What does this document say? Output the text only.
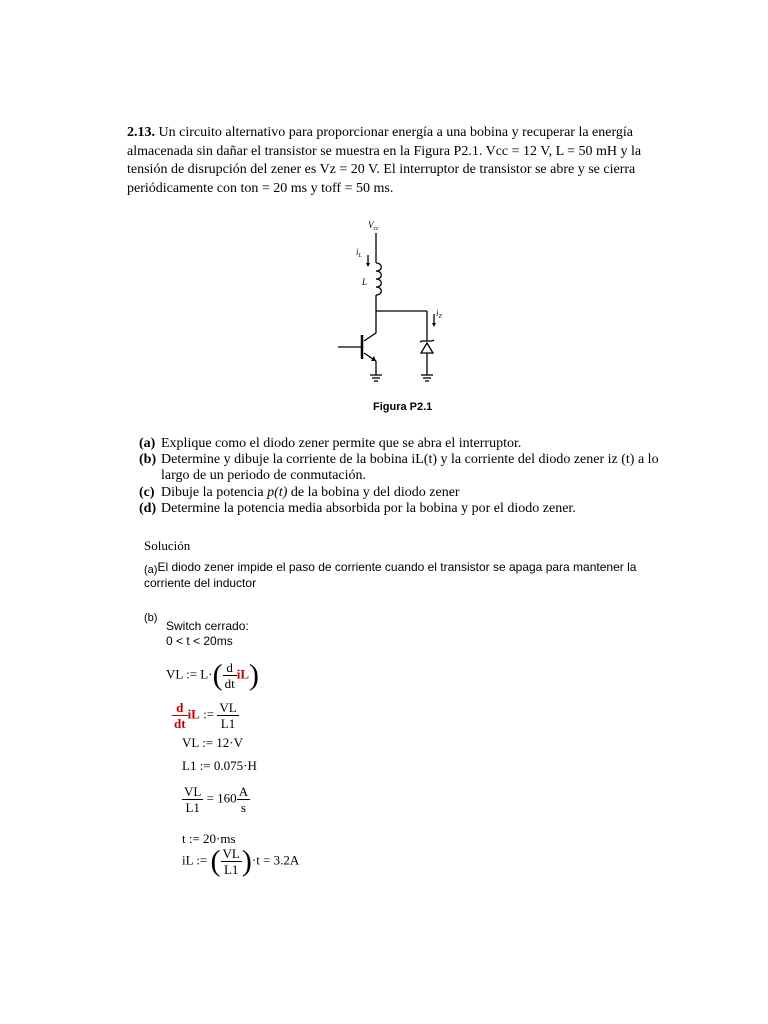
2.13. Un circuito alternativo para proporcionar energía a una bobina y recuperar la energía almacenada sin dañar el transistor se muestra en la Figura P2.1. Vcc = 12 V, L = 50 mH y la tensión de disrupción del zener es Vz = 20 V. El interruptor de transistor se abre y se cierra periódicamente con ton = 20 ms y toff = 50 ms.
$V_{cc}$
$i_L$
L
$i_Z$
Figura P2.1
(a) Explique como el diodo zener permite que se abra el interruptor.
(b) Determine y dibuje la corriente de la bobina iL(t) y la corriente del diodo zener iz (t) a lo largo de un periodo de conmutación.
(c) Dibuje la potencia p(t) de la bobina y del diodo zener
(d) Determine la potencia media absorbida por la bobina y por el diodo zener.
Solución
(a)El diodo zener impide el paso de corriente cuando el transistor se apaga para mantener la corriente del inductor
(b)
Switch cerrado:
0 < t < 20ms
VL := $L\cdot( \frac{d}{dt} iL)$
$\frac{d}{dt}$ iL := $\frac{VL}{L1}$
VL := 12·V
L1 := 0.075·H
$\frac{VL}{L1} = 160 \frac{A}{s}$
t := 20·ms
iL := ( $\frac{VL}{L1} )\cdot t = 3.2A$
